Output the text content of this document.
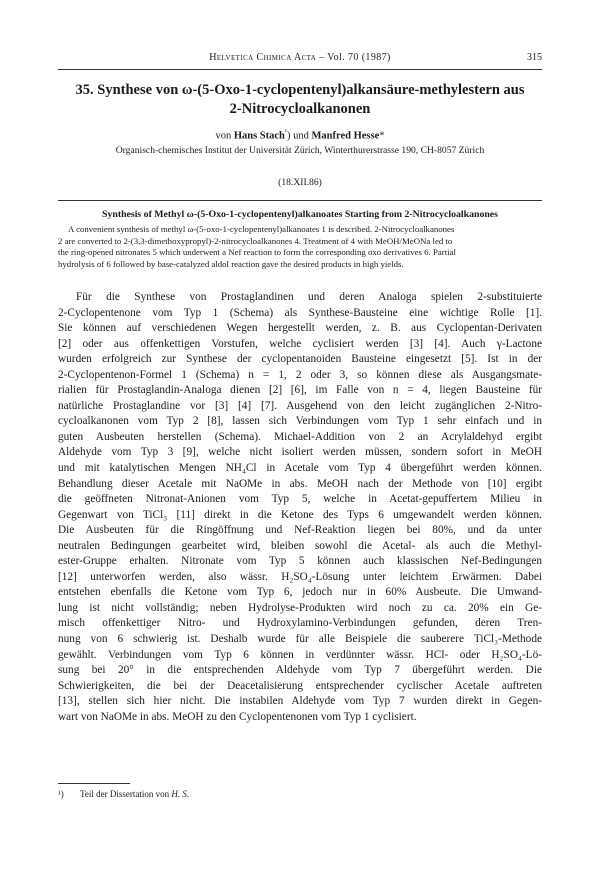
Helvetica Chimica Acta – Vol. 70 (1987)	315
35. Synthese von ω-(5-Oxo-1-cyclopentenyl)alkansäure-methylestern aus
2-Nitrocycloalkanonen
von Hans Stach$^{^1}$) und Manfred Hesse*
Organisch-chemisches Institut der Universität Zürich, Winterthurerstrasse 190, CH-8057 Zürich
(18.XII.86)
Synthesis of Methyl ω-(5-Oxo-1-cyclopentenyl)alkanoates Starting from 2-Nitrocycloalkanones
A convenient synthesis of methyl ω-(5-oxo-1-cyclopentenyl)alkanoates 1 is described. 2-Nitrocycloalkanones
2 are converted to 2-(3,3-dimethoxypropyl)-2-nitrocycloalkanones 4. Treatment of 4 with MeOH/MeONa led to
the ring-opened nitronates 5 which underwent a Nef reaction to form the corresponding oxo derivatives 6. Partial
hydrolysis of 6 followed by base-catalyzed aldol reaction gave the desired products in high yields.
Für die Synthese von Prostaglandinen und deren Analoga spielen 2-substituierte
2-Cyclopentenone vom Typ 1 (Schema) als Synthese-Bausteine eine wichtige Rolle [1].
Sie können auf verschiedenen Wegen hergestellt werden, z. B. aus Cyclopentan-Derivaten
[2] oder aus offenkettigen Vorstufen, welche cyclisiert werden [3] [4]. Auch γ-Lactone
wurden erfolgreich zur Synthese der cyclopentanoiden Bausteine eingesetzt [5]. Ist in der
2-Cyclopentenon-Formel 1 (Schema) n = 1, 2 oder 3, so können diese als Ausgangsmate-
rialien für Prostaglandin-Analoga dienen [2] [6], im Falle von n = 4, liegen Bausteine für
natürliche Prostaglandine vor [3] [4] [7]. Ausgehend von den leicht zugänglichen 2-Nitro-
cycloalkanonen vom Typ 2 [8], lassen sich Verbindungen vom Typ 1 sehr einfach und in
guten Ausbeuten herstellen (Schema). Michael-Addition von 2 an Acrylaldehyd ergibt
Aldehyde vom Typ 3 [9], welche nicht isoliert werden müssen, sondern sofort in MeOH
und mit katalytischen Mengen NH₄Cl in Acetale vom Typ 4 übergeführt werden können.
Behandlung dieser Acetale mit NaOMe in abs. MeOH nach der Methode von [10] ergibt
die geöffneten Nitronat-Anionen vom Typ 5, welche in Acetat-gepuffertem Milieu in
Gegenwart von TiCl₃ [11] direkt in die Ketone des Typs 6 umgewandelt werden können.
Die Ausbeuten für die Ringöffnung und Nef-Reaktion liegen bei 80%, und da unter
neutralen Bedingungen gearbeitet wird, bleiben sowohl die Acetal- als auch die Methyl-
ester-Gruppe erhalten. Nitronate vom Typ 5 können auch klassischen Nef-Bedingungen
[12] unterworfen werden, also wässr. H₂SO₄-Lösung unter leichtem Erwärmen. Dabei
entstehen ebenfalls die Ketone vom Typ 6, jedoch nur in 60% Ausbeute. Die Umwand-
lung ist nicht vollständig; neben Hydrolyse-Produkten wird noch zu ca. 20% ein Ge-
misch offenkettiger Nitro- und Hydroxylamino-Verbindungen gefunden, deren Tren-
nung von 6 schwierig ist. Deshalb wurde für alle Beispiele die sauberere TiCl₃-Methode
gewählt. Verbindungen vom Typ 6 können in verdünnter wässr. HCl- oder H₂SO₄-Lö-
sung bei 20° in die entsprechenden Aldehyde vom Typ 7 übergeführt werden. Die
Schwierigkeiten, die bei der Deacetalisierung entsprechender cyclischer Acetale auftreten
[13], stellen sich hier nicht. Die instabilen Aldehyde vom Typ 7 wurden direkt in Gegen-
wart von NaOMe in abs. MeOH zu den Cyclopentenonen vom Typ 1 cyclisiert.
¹) Teil der Dissertation von H. S.
